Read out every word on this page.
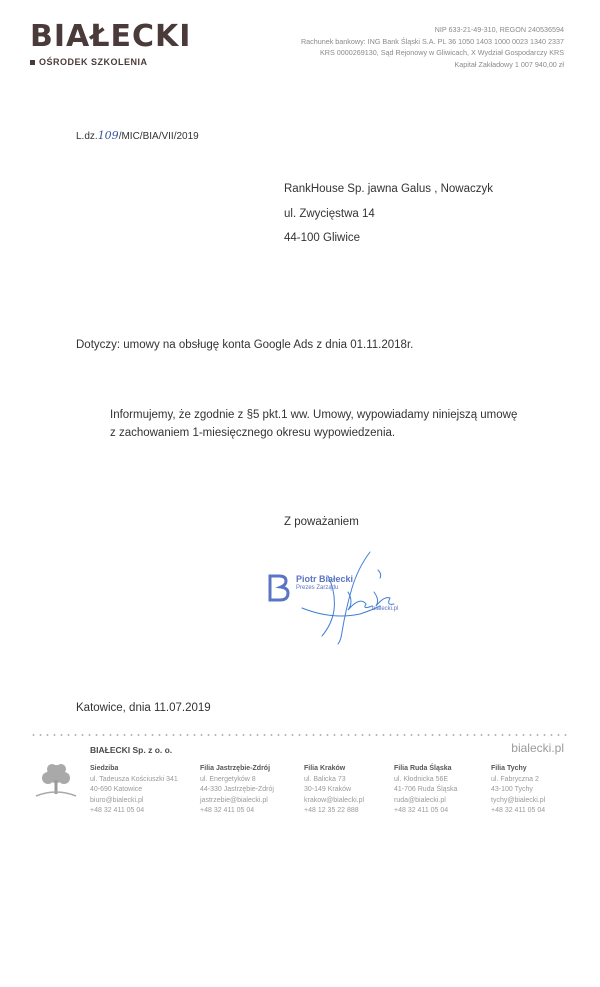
BIAŁECKI
OŚRODEK SZKOLENIA
NIP 633-21-49-310, REGON 240536594
Rachunek bankowy: ING Bank Śląski S.A. PL 36 1050 1403 1000 0023 1340 2337
KRS 0000269130, Sąd Rejonowy w Gliwicach, X Wydział Gospodarczy KRS
Kapitał Zakładowy 1 007 940,00 zł
L.dz.109/MIC/BIA/VII/2019
RankHouse Sp. jawna Galus , Nowaczyk
ul. Zwycięstwa 14
44-100 Gliwice
Dotyczy: umowy na obsługę konta Google Ads z dnia 01.11.2018r.
Informujemy, że zgodnie z §5 pkt.1 ww. Umowy, wypowiadamy niniejszą umowę
z zachowaniem 1-miesięcznego okresu wypowiedzenia.
Z poważaniem
Piotr Białecki
Prezes Zarządu
bialecki.pl
Katowice, dnia 11.07.2019
BIAŁECKI Sp. z o. o.	bialecki.pl
Siedziba
ul. Tadeusza Kościuszki 341
40-690 Katowice
biuro@bialecki.pl
+48 32 411 05 04
Filia Jastrzębie-Zdrój
ul. Energetyków 8
44-330 Jastrzębie-Zdrój
jastrzebie@bialecki.pl
+48 32 411 05 04
Filia Kraków
ul. Balicka 73
30-149 Kraków
krakow@bialecki.pl
+48 12 35 22 888
Filia Ruda Śląska
ul. Kłodnicka 56E
41-706 Ruda Śląska
ruda@bialecki.pl
+48 32 411 05 04
Filia Tychy
ul. Fabryczna 2
43-100 Tychy
tychy@bialecki.pl
+48 32 411 05 04
